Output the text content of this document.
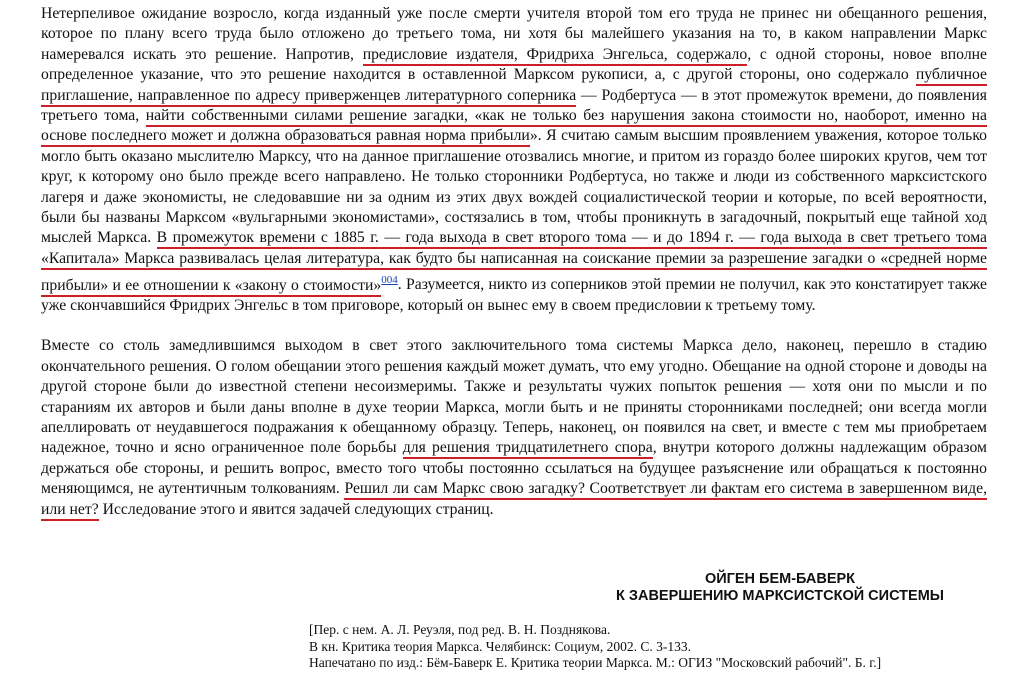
Нетерпеливое ожидание возросло, когда изданный уже после смерти учителя второй том его труда не принес ни обещанного решения, которое по плану всего труда было отложено до третьего тома, ни хотя бы малейшего указания на то, в каком направлении Маркс намеревался искать это решение. Напротив, предисловие издателя, Фридриха Энгельса, содержало, с одной стороны, новое вполне определенное указание, что это решение находится в оставленной Марксом рукописи, а, с другой стороны, оно содержало публичное приглашение, направленное по адресу приверженцев литературного соперника — Родбертуса — в этот промежуток времени, до появления третьего тома, найти собственными силами решение загадки, «как не только без нарушения закона стоимости но, наоборот, именно на основе последнего может и должна образоваться равная норма прибыли». Я считаю самым высшим проявлением уважения, которое только могло быть оказано мыслителю Марксу, что на данное приглашение отозвались многие, и притом из гораздо более широких кругов, чем тот круг, к которому оно было прежде всего направлено. Не только сторонники Родбертуса, но также и люди из собственного марксистского лагеря и даже экономисты, не следовавшие ни за одним из этих двух вождей социалистической теории и которые, по всей вероятности, были бы названы Марксом «вульгарными экономистами», состязались в том, чтобы проникнуть в загадочный, покрытый еще тайной ход мыслей Маркса. В промежуток времени с 1885 г. — года выхода в свет второго тома — и до 1894 г. — года выхода в свет третьего тома «Капитала» Маркса развивалась целая литература, как будто бы написанная на соискание премии за разрешение загадки о «средней норме прибыли» и ее отношении к «закону о стоимости»$^{004}$. Разумеется, никто из соперников этой премии не получил, как это констатирует также уже скончавшийся Фридрих Энгельс в том приговоре, который он вынес ему в своем предисловии к третьему тому.

Вместе со столь замедлившимся выходом в свет этого заключительного тома системы Маркса дело, наконец, перешло в стадию окончательного решения. О голом обещании этого решения каждый может думать, что ему угодно. Обещание на одной стороне и доводы на другой стороне были до известной степени несоизмеримы. Также и результаты чужих попыток решения — хотя они по мысли и по стараниям их авторов и были даны вполне в духе теории Маркса, могли быть и не приняты сторонниками последней; они всегда могли апеллировать от неудавшегося подражания к обещанному образцу. Теперь, наконец, он появился на свет, и вместе с тем мы приобретаем надежное, точно и ясно ограниченное поле борьбы для решения тридцатилетнего спора, внутри которого должны надлежащим образом держаться обе стороны, и решить вопрос, вместо того чтобы постоянно ссылаться на будущее разъяснение или обращаться к постоянно меняющимся, не аутентичным толкованиям. Решил ли сам Маркс свою загадку? Соответствует ли фактам его система в завершенном виде, или нет? Исследование этого и явится задачей следующих страниц.

ОЙГЕН БЕМ-БАВЕРК
К ЗАВЕРШЕНИЮ МАРКСИСТСКОЙ СИСТЕМЫ
[Пер. с нем. А. Л. Реуэля, под ред. В. Н. Позднякова.
В кн. Критика теория Маркса. Челябинск: Социум, 2002. С. 3-133.
Напечатано по изд.: Бём-Баверк Е. Критика теории Маркса. М.: ОГИЗ "Московский рабочий". Б. г.]
